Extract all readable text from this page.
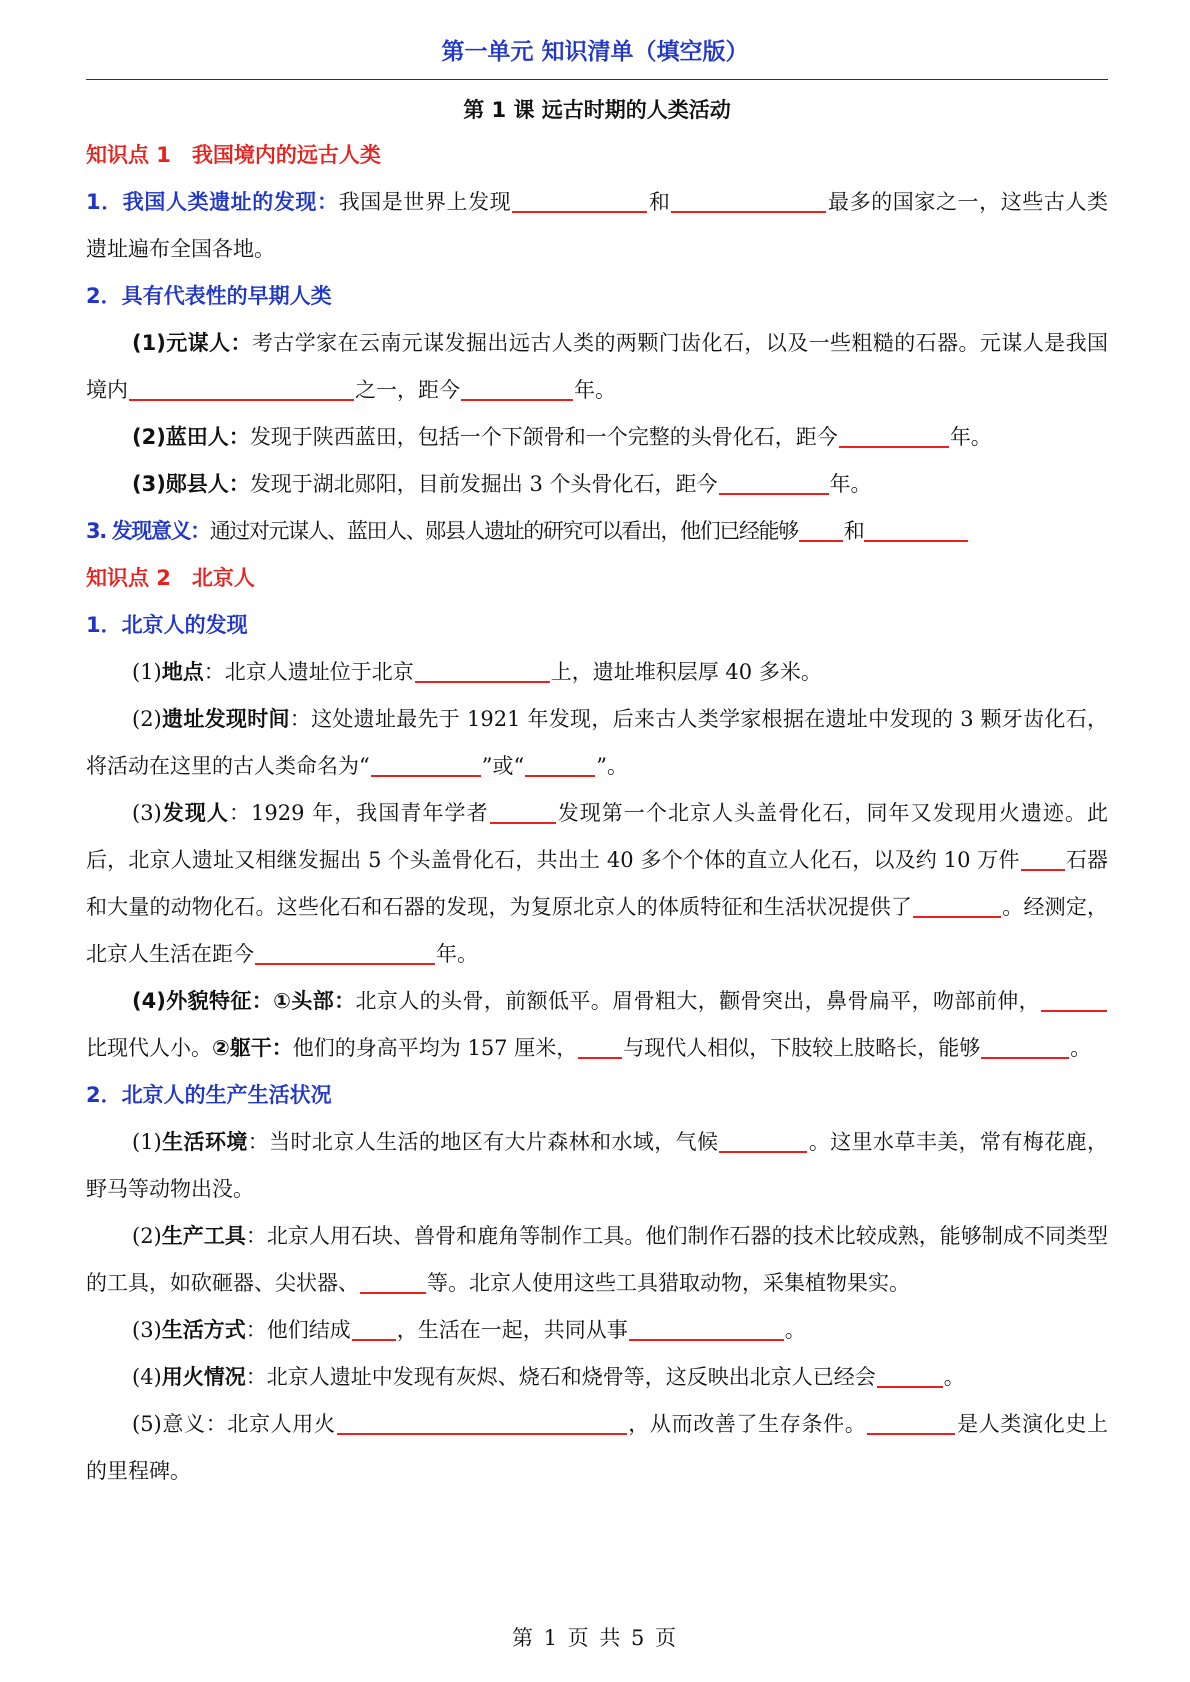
第一单元 知识清单（填空版）
第 1 课 远古时期的人类活动

知识点 1　我国境内的远古人类

1．我国人类遗址的发现：我国是世界上发现	和	最多的国家之一，这些古人类遗址遍布全国各地。

2．具有代表性的早期人类

(1)元谋人：考古学家在云南元谋发掘出远古人类的两颗门齿化石，以及一些粗糙的石器。元谋人是我国境内	之一，距今	年。

(2)蓝田人：发现于陕西蓝田，包括一个下颌骨和一个完整的头骨化石，距今	年。

(3)郧县人：发现于湖北郧阳，目前发掘出 3 个头骨化石，距今	年。

3. 发现意义：通过对元谋人、蓝田人、郧县人遗址的研究可以看出，他们已经能够 和

知识点 2　北京人

1．北京人的发现

(1)地点：北京人遗址位于北京	上，遗址堆积层厚 40 多米。

(2)遗址发现时间：这处遗址最先于 1921 年发现，后来古人类学家根据在遗址中发现的 3 颗牙齿化石，将活动在这里的古人类命名为“	”或“	”。

(3)发现人：1929 年，我国青年学者	发现第一个北京人头盖骨化石，同年又发现用火遗迹。此后，北京人遗址又相继发掘出 5 个头盖骨化石，共出土 40 多个个体的直立人化石，以及约 10 万件 石器和大量的动物化石。这些化石和石器的发现，为复原北京人的体质特征和生活状况提供了	。经测定，北京人生活在距今	年。

(4)外貌特征：①头部：北京人的头骨，前额低平。眉骨粗大，颧骨突出，鼻骨扁平，吻部前伸，比现代人小。②躯干：他们的身高平均为 157 厘米， 与现代人相似，下肢较上肢略长，能够	。

2．北京人的生产生活状况

(1)生活环境：当时北京人生活的地区有大片森林和水域，气候	。这里水草丰美，常有梅花鹿，野马等动物出没。

(2)生产工具：北京人用石块、兽骨和鹿角等制作工具。他们制作石器的技术比较成熟，能够制成不同类型的工具，如砍砸器、尖状器、	等。北京人使用这些工具猎取动物，采集植物果实。

(3)生活方式：他们结成 ，生活在一起，共同从事	。

(4)用火情况：北京人遗址中发现有灰烬、烧石和烧骨等，这反映出北京人已经会	。

(5)意义：北京人用火	，从而改善了生存条件。	是人类演化史上的里程碑。

第 1 页 共 5 页
